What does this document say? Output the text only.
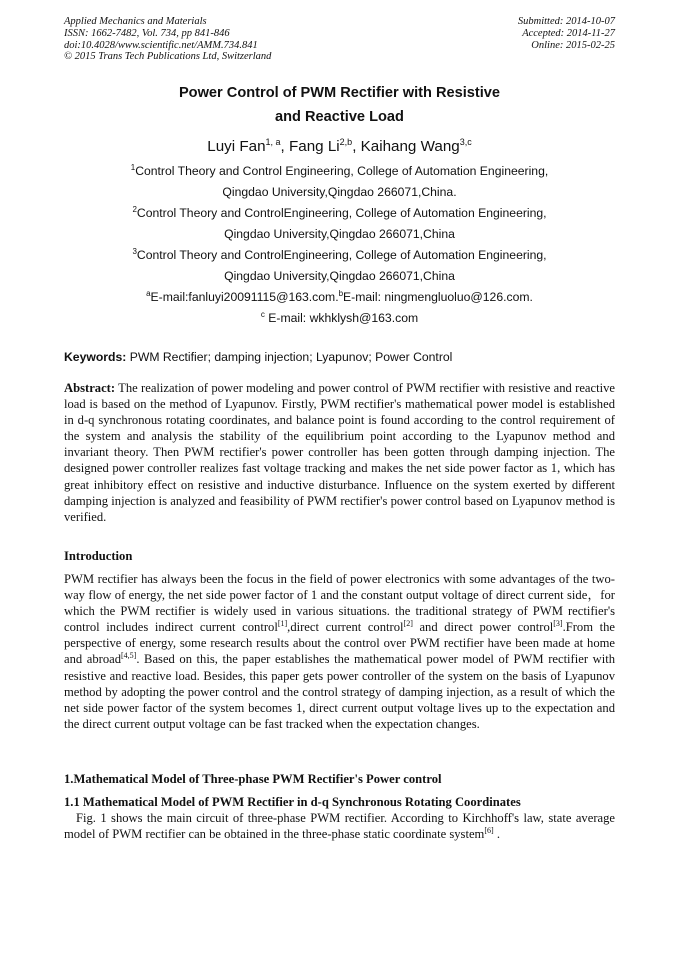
Applied Mechanics and Materials
ISSN: 1662-7482, Vol. 734, pp 841-846
doi:10.4028/www.scientific.net/AMM.734.841
© 2015 Trans Tech Publications Ltd, Switzerland
Submitted: 2014-10-07
Accepted: 2014-11-27
Online: 2015-02-25
Power Control of PWM Rectifier with Resistive
and Reactive Load
Luyi Fan$^{1, a}$, Fang Li$^{2,b}$, Kaihang Wang$^{3,c}$
$^1$Control Theory and Control Engineering, College of Automation Engineering,
Qingdao University,Qingdao 266071,China.
$^2$Control Theory and ControlEngineering, College of Automation Engineering,
Qingdao University,Qingdao 266071,China
$^3$Control Theory and ControlEngineering, College of Automation Engineering,
Qingdao University,Qingdao 266071,China
$^a$E-mail:fanluyi20091115@163.com.$^b$E-mail: ningmengluoluo@126.com.
$^c$ E-mail: wkhklysh@163.com
Keywords: PWM Rectifier; damping injection; Lyapunov; Power Control
Abstract: The realization of power modeling and power control of PWM rectifier with resistive and reactive load is based on the method of Lyapunov. Firstly, PWM rectifier's mathematical power model is established in d-q synchronous rotating coordinates, and balance point is found according to the control requirement of the system and analysis the stability of the equilibrium point according to the Lyapunov method and invariant theory. Then PWM rectifier's power controller has been gotten through damping injection. The designed power controller realizes fast voltage tracking and makes the net side power factor as 1, which has great inhibitory effect on resistive and inductive disturbance. Influence on the system exerted by different damping injection is analyzed and feasibility of PWM rectifier's power control based on Lyapunov method is verified.
Introduction
PWM rectifier has always been the focus in the field of power electronics with some advantages of the two-way flow of energy, the net side power factor of 1 and the constant output voltage of direct current side，for which the PWM rectifier is widely used in various situations. the traditional strategy of PWM rectifier's control includes indirect current control[1],direct current control[2] and direct power control[3].From the perspective of energy, some research results about the control over PWM rectifier have been made at home and abroad[4,5]. Based on this, the paper establishes the mathematical power model of PWM rectifier with resistive and reactive load. Besides, this paper gets power controller of the system on the basis of Lyapunov method by adopting the power control and the control strategy of damping injection, as a result of which the net side power factor of the system becomes 1, direct current output voltage lives up to the expectation and the direct current output voltage can be fast tracked when the expectation changes.
1.Mathematical Model of Three-phase PWM Rectifier's Power control
1.1 Mathematical Model of PWM Rectifier in d-q Synchronous Rotating Coordinates
Fig. 1 shows the main circuit of three-phase PWM rectifier. According to Kirchhoff's law, state average model of PWM rectifier can be obtained in the three-phase static coordinate system[6] .
